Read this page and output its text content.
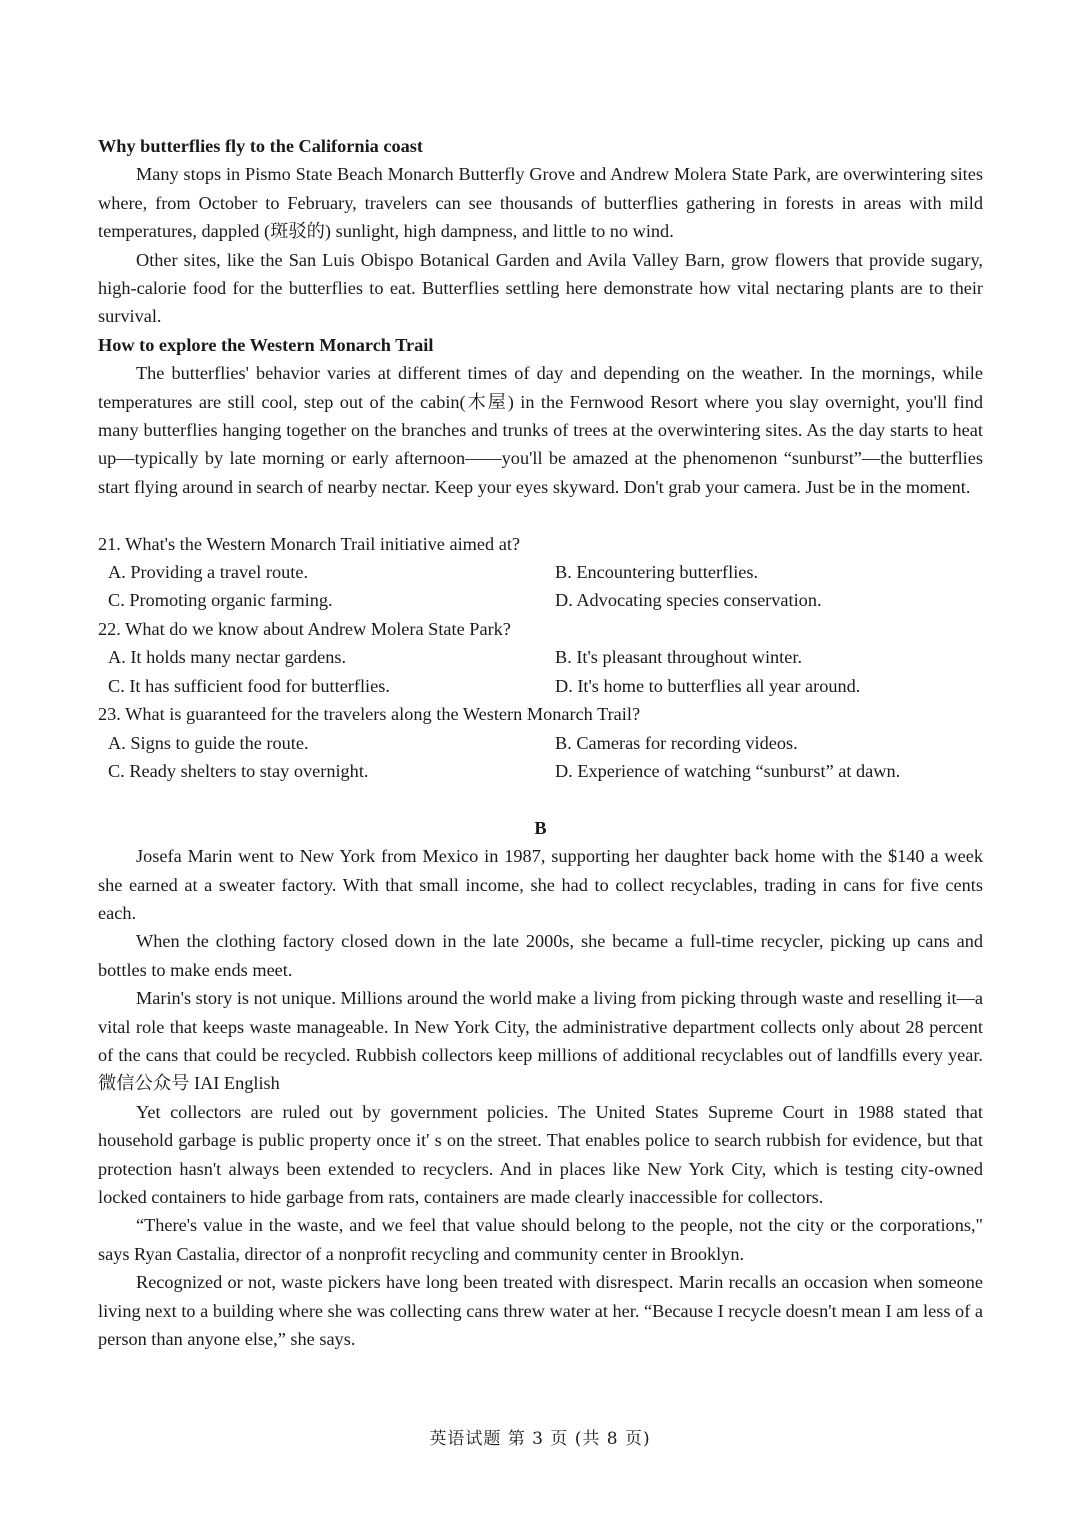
Why butterflies fly to the California coast

Many stops in Pismo State Beach Monarch Butterfly Grove and Andrew Molera State Park, are overwintering sites where, from October to February, travelers can see thousands of butterflies gathering in forests in areas with mild temperatures, dappled (斑驳的) sunlight, high dampness, and little to no wind.

Other sites, like the San Luis Obispo Botanical Garden and Avila Valley Barn, grow flowers that provide sugary, high-calorie food for the butterflies to eat. Butterflies settling here demonstrate how vital nectaring plants are to their survival.

How to explore the Western Monarch Trail

The butterflies' behavior varies at different times of day and depending on the weather. In the mornings, while temperatures are still cool, step out of the cabin(木屋) in the Fernwood Resort where you slay overnight, you'll find many butterflies hanging together on the branches and trunks of trees at the overwintering sites. As the day starts to heat up—typically by late morning or early afternoon——you'll be amazed at the phenomenon “sunburst”—the butterflies start flying around in search of nearby nectar. Keep your eyes skyward. Don't grab your camera. Just be in the moment.

21. What's the Western Monarch Trail initiative aimed at?

A. Providing a travel route.	B. Encountering butterflies.
C. Promoting organic farming.	D. Advocating species conservation.

22. What do we know about Andrew Molera State Park?

A. It holds many nectar gardens.	B. It's pleasant throughout winter.
C. It has sufficient food for butterflies.	D. It's home to butterflies all year around.

23. What is guaranteed for the travelers along the Western Monarch Trail?

A. Signs to guide the route.	B. Cameras for recording videos.
C. Ready shelters to stay overnight.	D. Experience of watching “sunburst” at dawn.

B

Josefa Marin went to New York from Mexico in 1987, supporting her daughter back home with the $140 a week she earned at a sweater factory. With that small income, she had to collect recyclables, trading in cans for five cents each.

When the clothing factory closed down in the late 2000s, she became a full-time recycler, picking up cans and bottles to make ends meet.

Marin's story is not unique. Millions around the world make a living from picking through waste and reselling it—a vital role that keeps waste manageable. In New York City, the administrative department collects only about 28 percent of the cans that could be recycled. Rubbish collectors keep millions of additional recyclables out of landfills every year. 微信公众号 IAI English

Yet collectors are ruled out by government policies. The United States Supreme Court in 1988 stated that household garbage is public property once it' s on the street. That enables police to search rubbish for evidence, but that protection hasn't always been extended to recyclers. And in places like New York City, which is testing city-owned locked containers to hide garbage from rats, containers are made clearly inaccessible for collectors.

“There's value in the waste, and we feel that value should belong to the people, not the city or the corporations," says Ryan Castalia, director of a nonprofit recycling and community center in Brooklyn.

Recognized or not, waste pickers have long been treated with disrespect. Marin recalls an occasion when someone living next to a building where she was collecting cans threw water at her. “Because I recycle doesn't mean I am less of a person than anyone else,” she says.

英语试题 第 3 页 (共 8 页)
